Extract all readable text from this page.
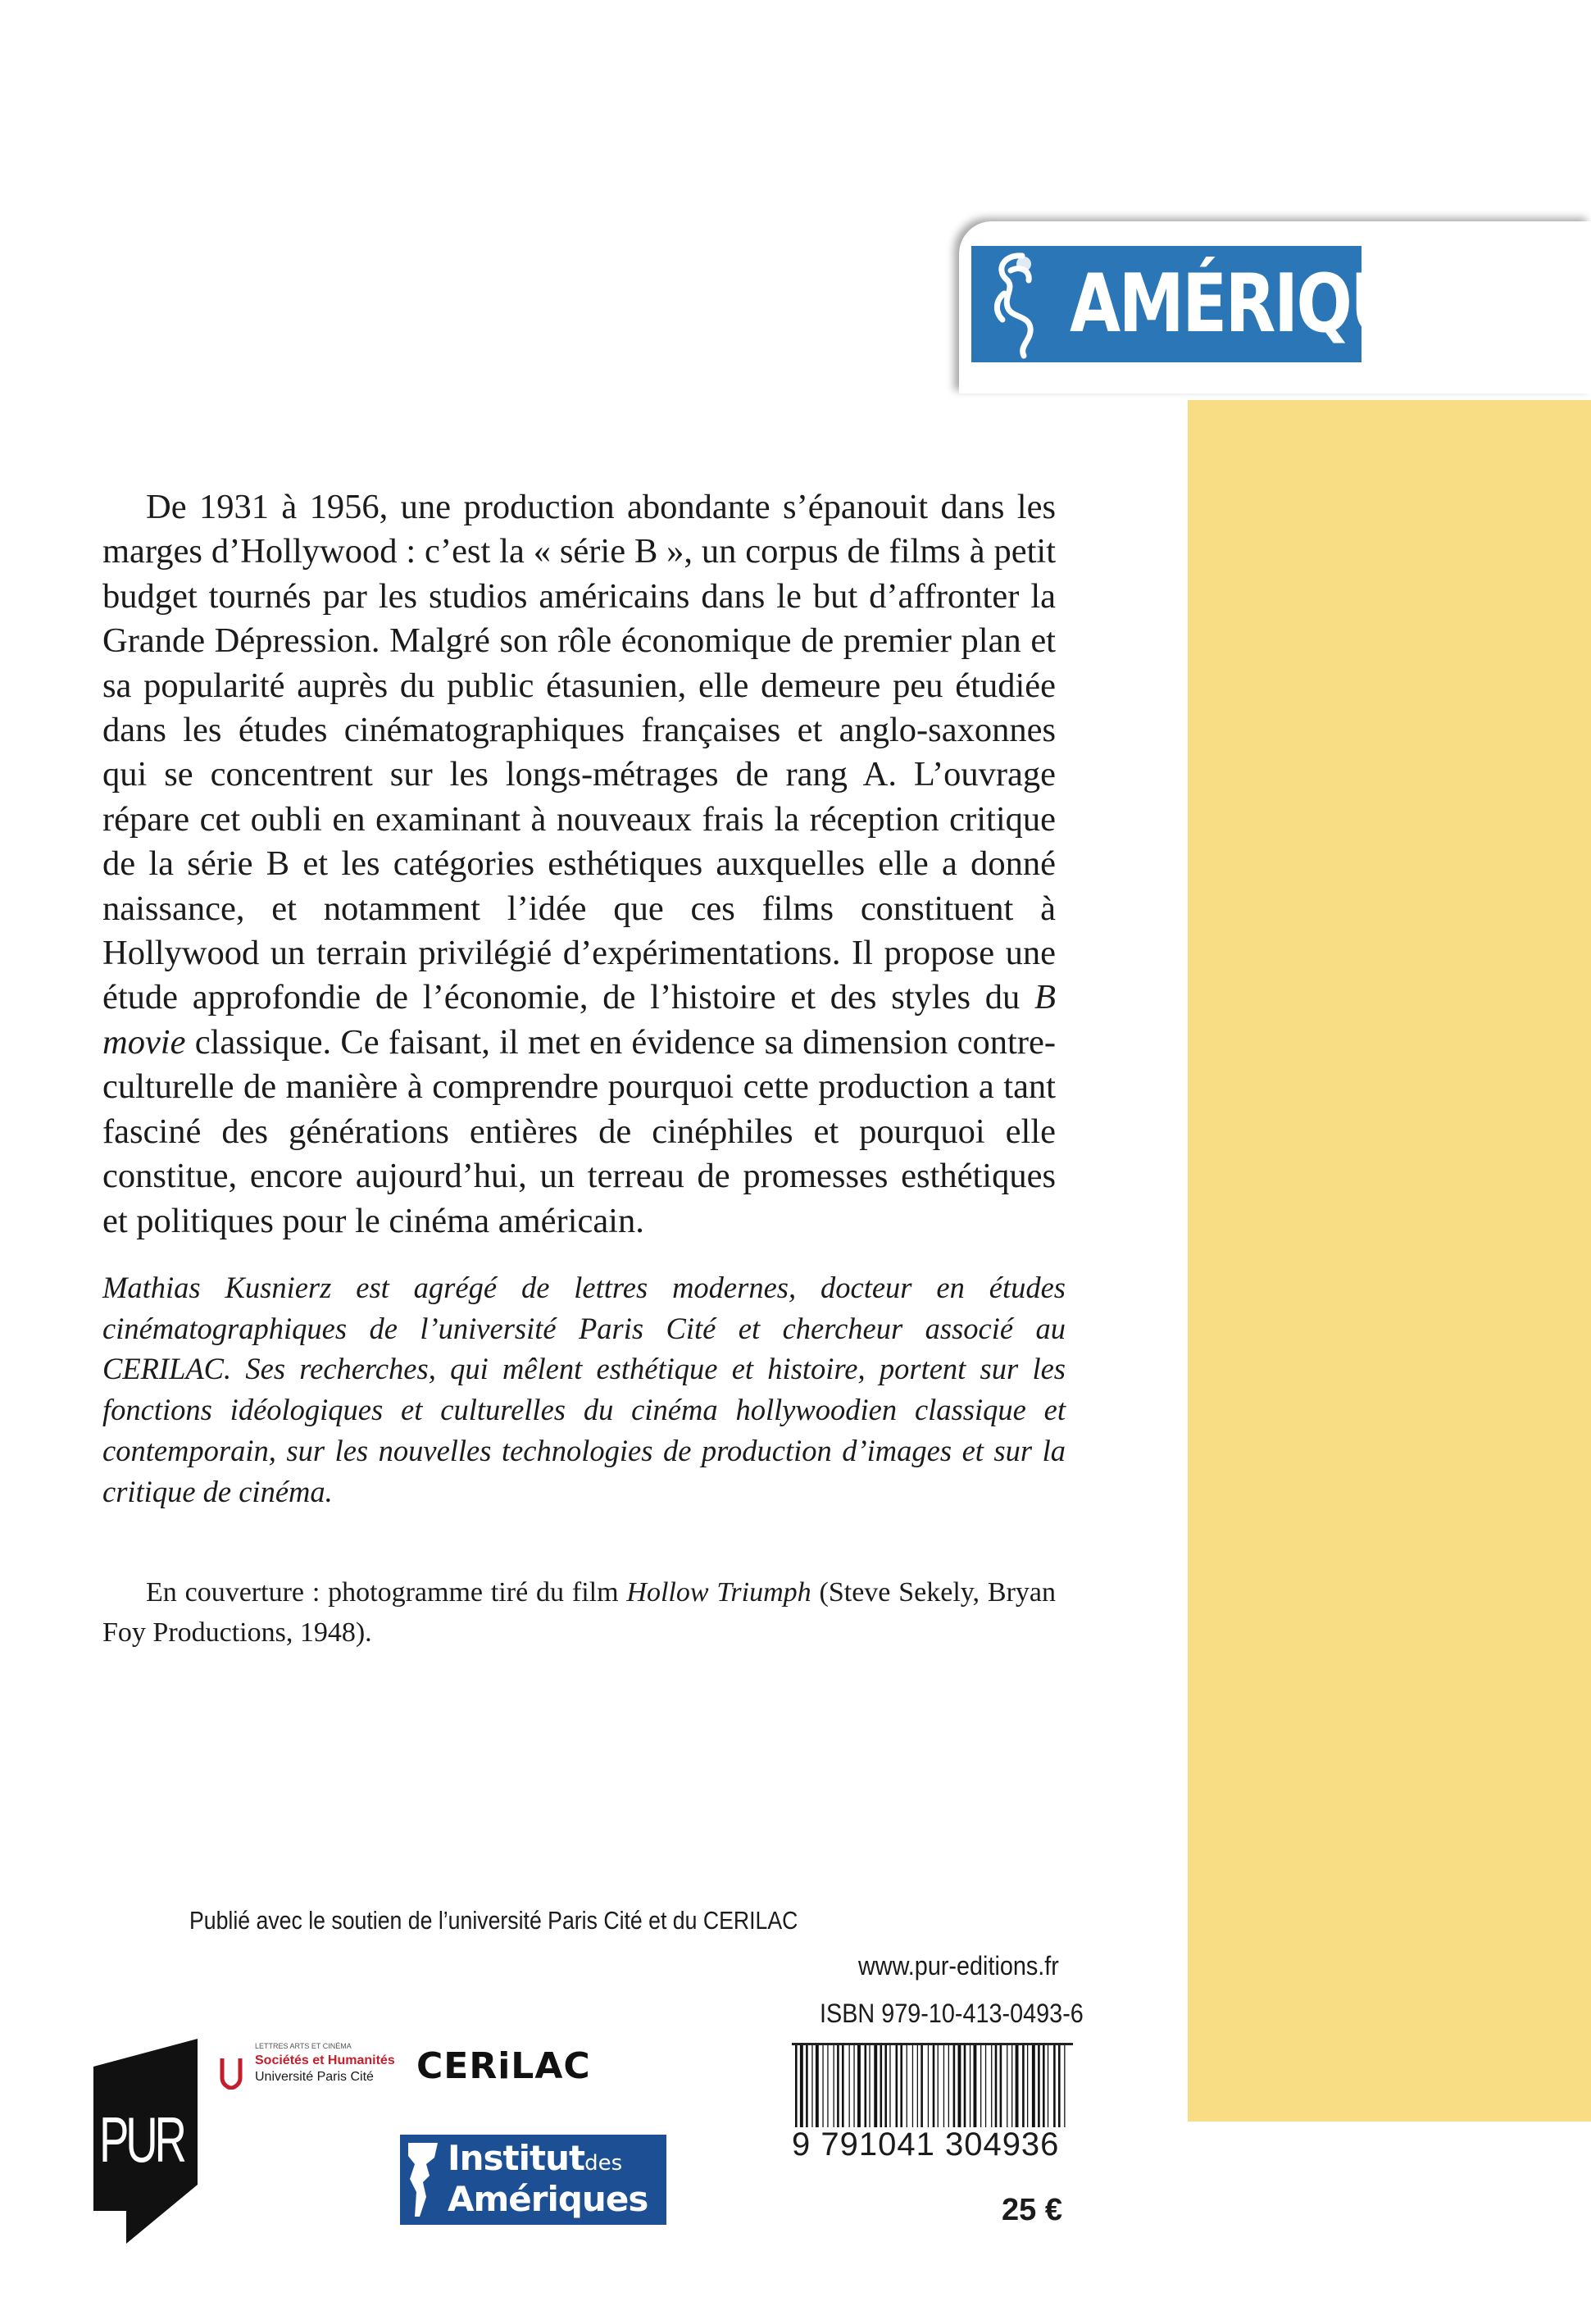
AMÉRIQUES

De 1931 à 1956, une production abondante s’épanouit dans les marges d’Hollywood : c’est la « série B », un corpus de films à petit budget tournés par les studios américains dans le but d’affronter la Grande Dépression. Malgré son rôle économique de premier plan et sa popularité auprès du public étasunien, elle demeure peu étudiée dans les études cinématographiques françaises et anglo-saxonnes qui se concentrent sur les longs-métrages de rang A. L’ouvrage répare cet oubli en examinant à nouveaux frais la réception critique de la série B et les catégories esthétiques auxquelles elle a donné naissance, et notamment l’idée que ces films constituent à Hollywood un terrain privilégié d’expérimentations. Il propose une étude approfondie de l’économie, de l’histoire et des styles du B movie classique. Ce faisant, il met en évidence sa dimension contre-culturelle de manière à comprendre pourquoi cette production a tant fasciné des générations entières de cinéphiles et pourquoi elle constitue, encore aujourd’hui, un terreau de promesses esthétiques et politiques pour le cinéma américain.

Mathias Kusnierz est agrégé de lettres modernes, docteur en études cinématographiques de l’université Paris Cité et chercheur associé au CERILAC. Ses recherches, qui mêlent esthétique et histoire, portent sur les fonctions idéologiques et culturelles du cinéma hollywoodien classique et contemporain, sur les nouvelles technologies de production d’images et sur la critique de cinéma.

En couverture : photogramme tiré du film Hollow Triumph (Steve Sekely, Bryan Foy Productions, 1948).

Publié avec le soutien de l’université Paris Cité et du CERILAC
www.pur-editions.fr
ISBN 979-10-413-0493-6
9 791041 304936
25 €
PUR
LETTRES ARTS ET CINÉMA
Sociétés et Humanités
Université Paris Cité CERiLAC
Institutdes
Amériques
